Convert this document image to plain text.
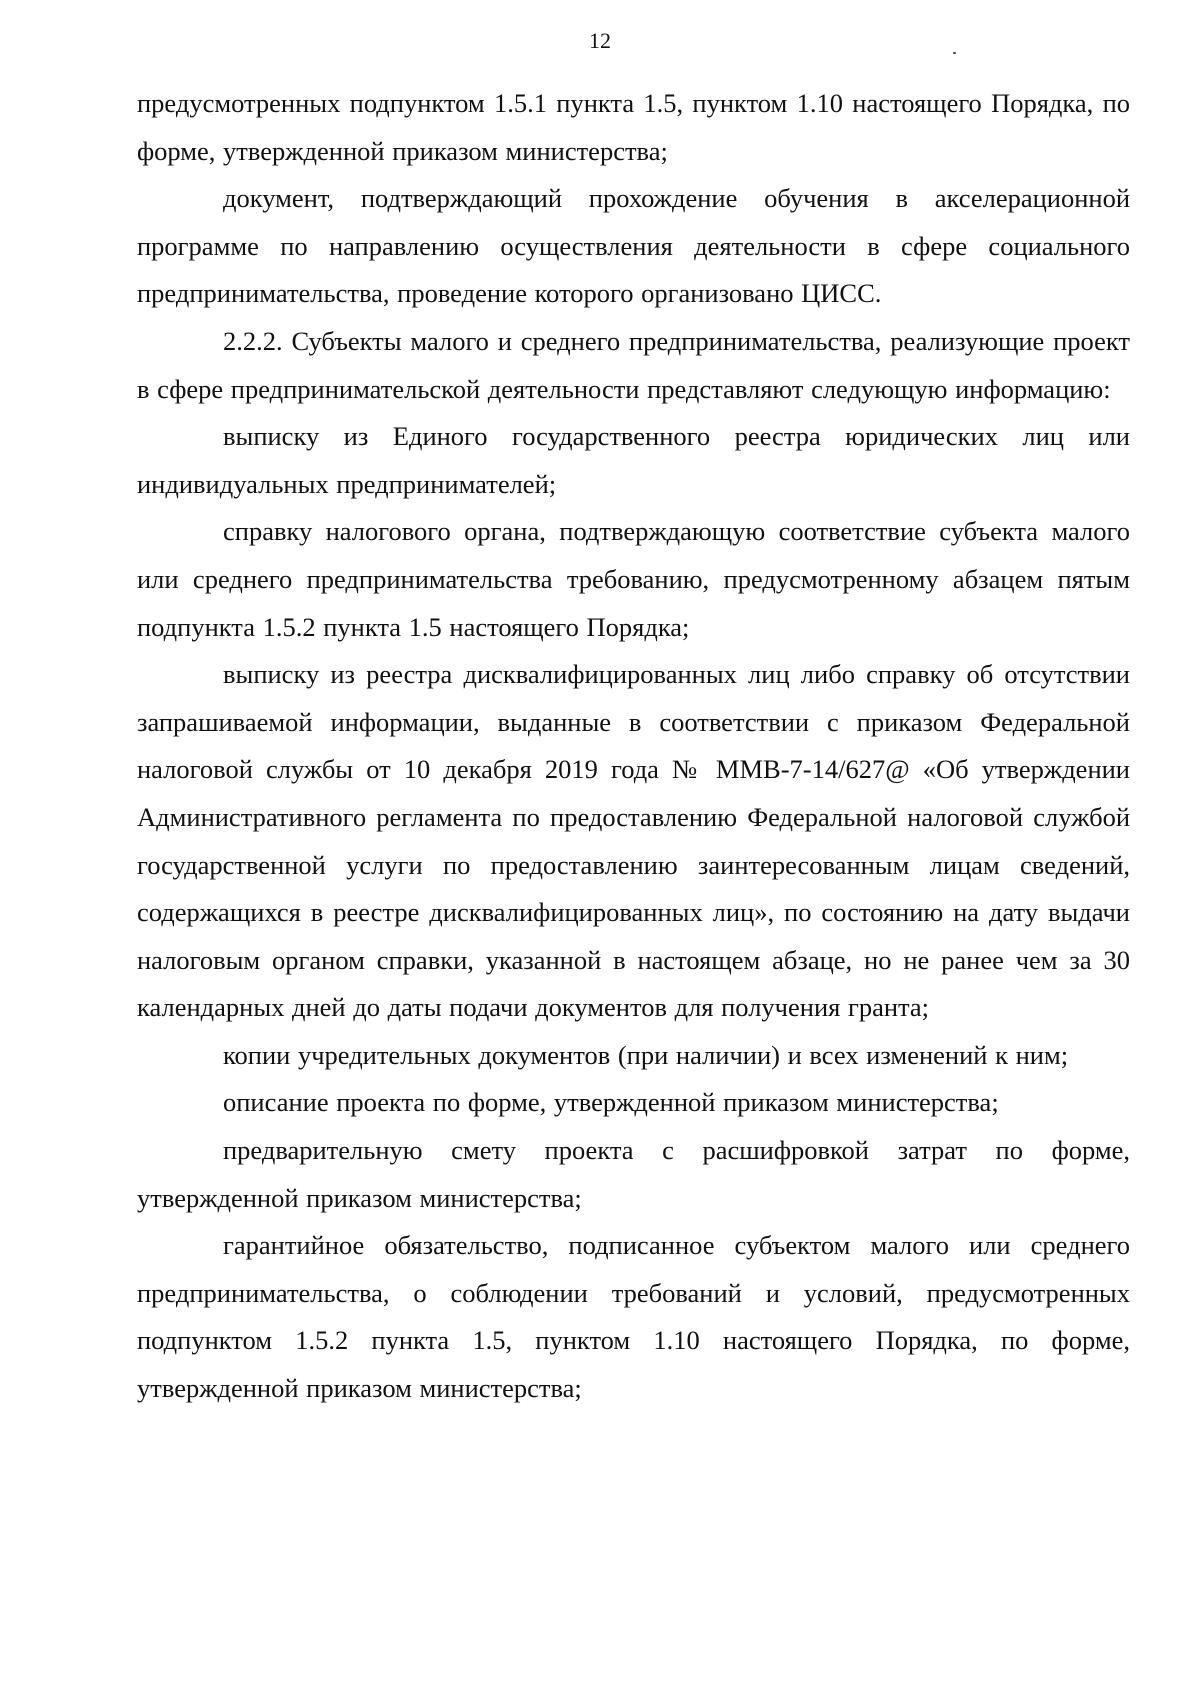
12

предусмотренных подпунктом 1.5.1 пункта 1.5, пунктом 1.10 настоящего Порядка, по форме, утвержденной приказом министерства;

документ, подтверждающий прохождение обучения в акселерационной программе по направлению осуществления деятельности в сфере социального предпринимательства, проведение которого организовано ЦИСС.

2.2.2. Субъекты малого и среднего предпринимательства, реализующие проект в сфере предпринимательской деятельности представляют следующую информацию:

выписку из Единого государственного реестра юридических лиц или индивидуальных предпринимателей;

справку налогового органа, подтверждающую соответствие субъекта малого или среднего предпринимательства требованию, предусмотренному абзацем пятым подпункта 1.5.2 пункта 1.5 настоящего Порядка;

выписку из реестра дисквалифицированных лиц либо справку об отсутствии запрашиваемой информации, выданные в соответствии с приказом Федеральной налоговой службы от 10 декабря 2019 года № ММВ-7-14/627@ «Об утверждении Административного регламента по предоставлению Федеральной налоговой службой государственной услуги по предоставлению заинтересованным лицам сведений, содержащихся в реестре дисквалифицированных лиц», по состоянию на дату выдачи налоговым органом справки, указанной в настоящем абзаце, но не ранее чем за 30 календарных дней до даты подачи документов для получения гранта;

копии учредительных документов (при наличии) и всех изменений к ним;

описание проекта по форме, утвержденной приказом министерства;

предварительную смету проекта с расшифровкой затрат по форме, утвержденной приказом министерства;

гарантийное обязательство, подписанное субъектом малого или среднего предпринимательства, о соблюдении требований и условий, предусмотренных подпунктом 1.5.2 пункта 1.5, пунктом 1.10 настоящего Порядка, по форме, утвержденной приказом министерства;
